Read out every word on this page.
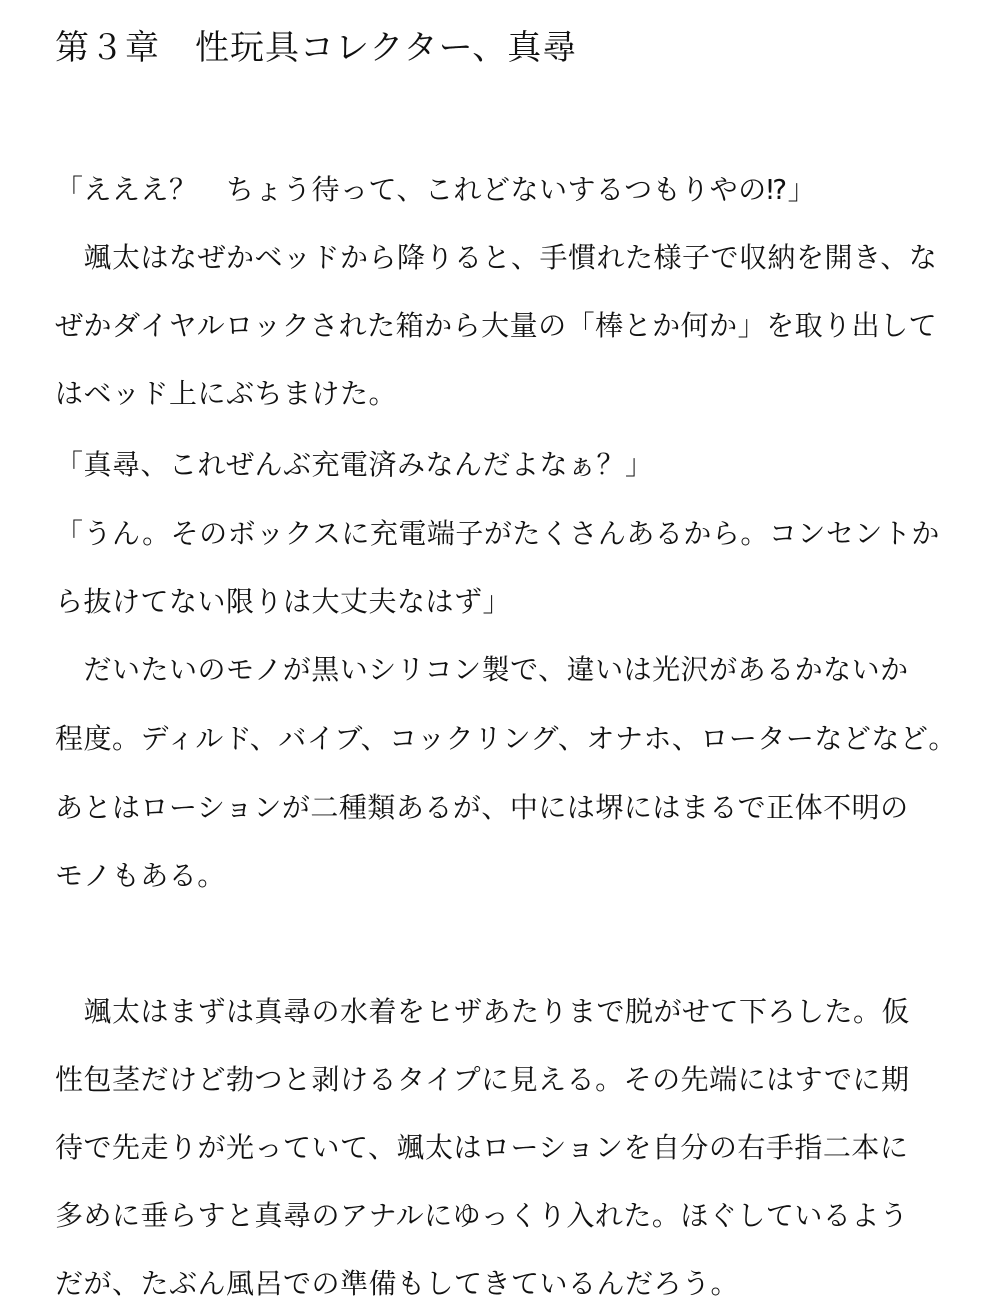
第３章　性玩具コレクター、真尋
「えええ？　ちょう待って、これどないするつもりやの⁉」
　颯太はなぜかベッドから降りると、手慣れた様子で収納を開き、な
ぜかダイヤルロックされた箱から大量の「棒とか何か」を取り出して
はベッド上にぶちまけた。
「真尋、これぜんぶ充電済みなんだよなぁ？」
「うん。そのボックスに充電端子がたくさんあるから。コンセントか
ら抜けてない限りは大丈夫なはず」
　だいたいのモノが黒いシリコン製で、違いは光沢があるかないか
程度。ディルド、バイブ、コックリング、オナホ、ローターなどなど。
あとはローションが二種類あるが、中には堺にはまるで正体不明の
モノもある。
　颯太はまずは真尋の水着をヒザあたりまで脱がせて下ろした。仮
性包茎だけど勃つと剥けるタイプに見える。その先端にはすでに期
待で先走りが光っていて、颯太はローションを自分の右手指二本に
多めに垂らすと真尋のアナルにゆっくり入れた。ほぐしているよう
だが、たぶん風呂での準備もしてきているんだろう。
